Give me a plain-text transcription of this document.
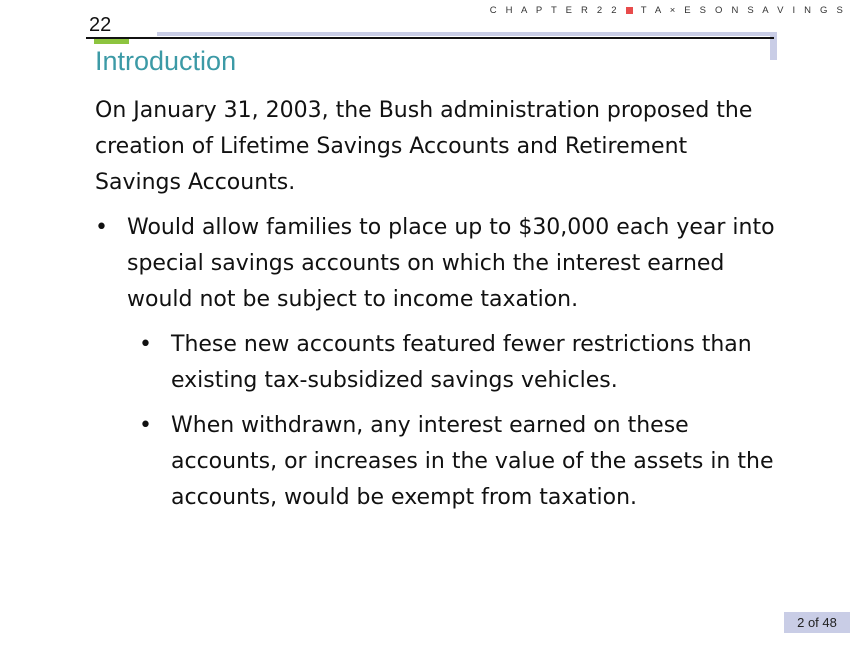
C H A P T E R 2 2 T A × E S O N S A V I N G S
22
Introduction

On January 31, 2003, the Bush administration proposed the creation of Lifetime Savings Accounts and Retirement Savings Accounts.

• Would allow families to place up to $30,000 each year into special savings accounts on which the interest earned would not be subject to income taxation.
• These new accounts featured fewer restrictions than existing tax-subsidized savings vehicles.
• When withdrawn, any interest earned on these accounts, or increases in the value of the assets in the accounts, would be exempt from taxation.
2 of 48
